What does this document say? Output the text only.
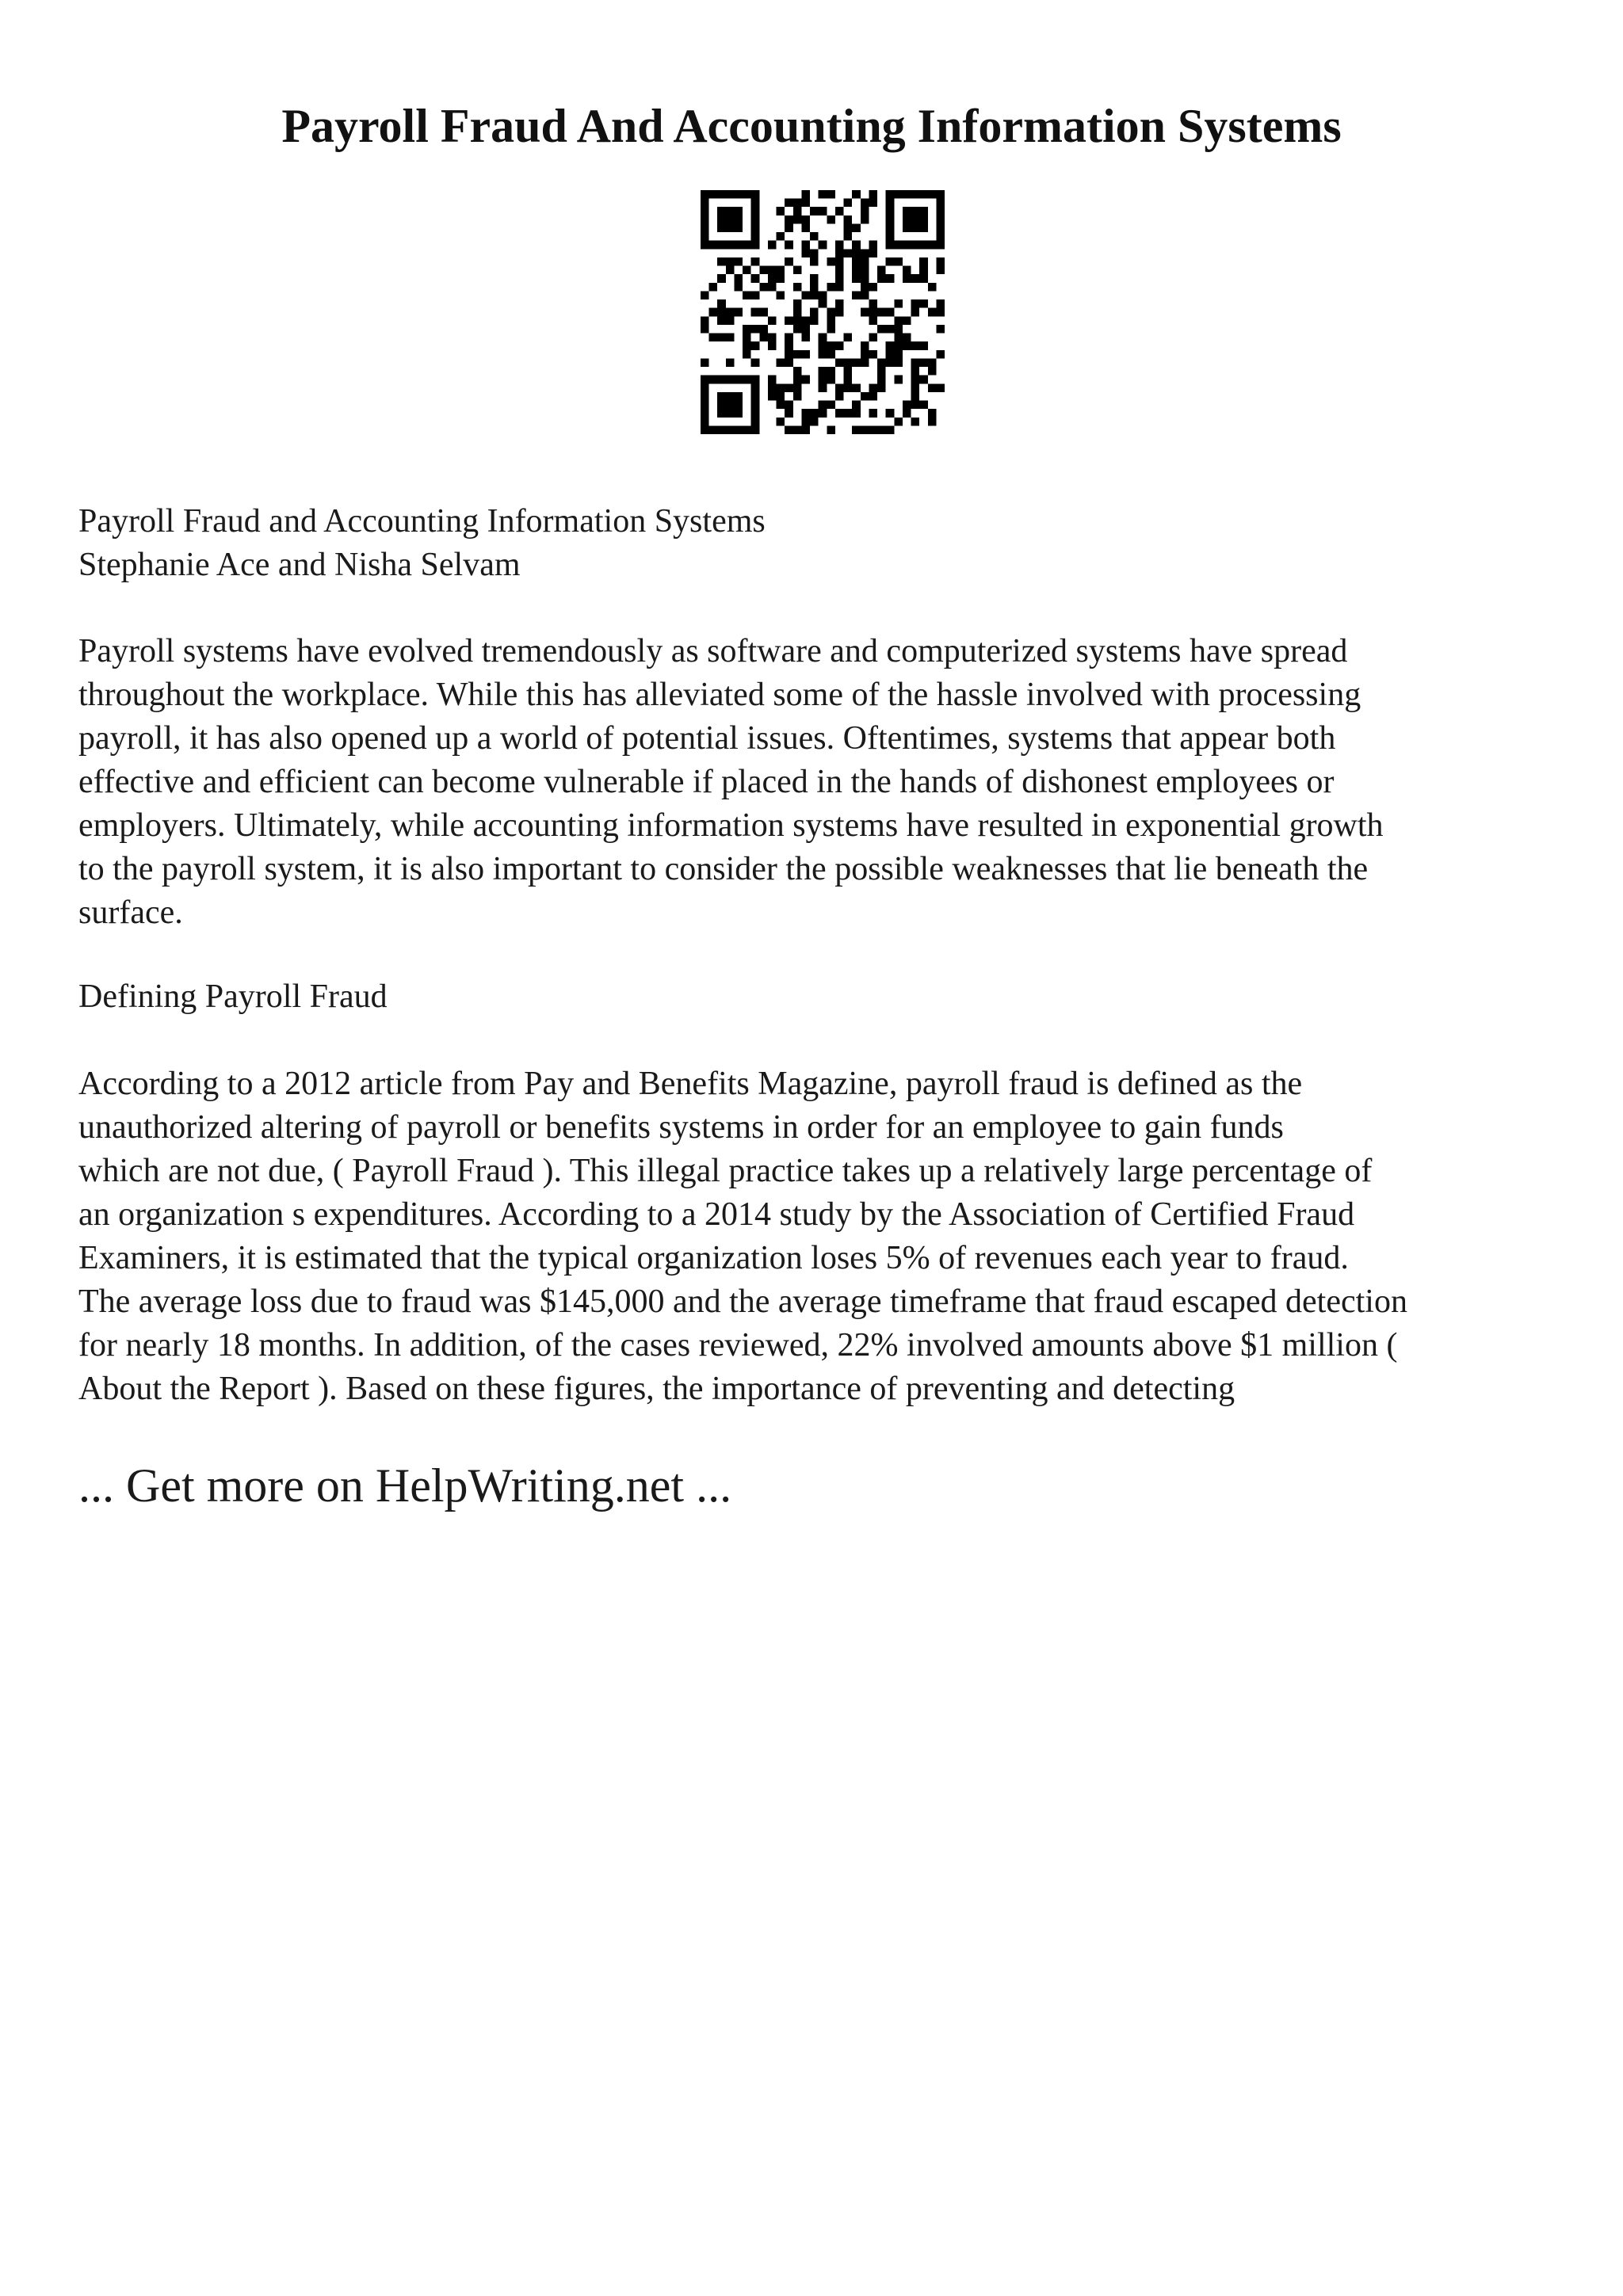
Payroll Fraud And Accounting Information Systems
Payroll Fraud and Accounting Information Systems
Stephanie Ace and Nisha Selvam
Payroll systems have evolved tremendously as software and computerized systems have spread
throughout the workplace. While this has alleviated some of the hassle involved with processing
payroll, it has also opened up a world of potential issues. Oftentimes, systems that appear both
effective and efficient can become vulnerable if placed in the hands of dishonest employees or
employers. Ultimately, while accounting information systems have resulted in exponential growth
to the payroll system, it is also important to consider the possible weaknesses that lie beneath the
surface.
Defining Payroll Fraud
According to a 2012 article from Pay and Benefits Magazine, payroll fraud is defined as the
unauthorized altering of payroll or benefits systems in order for an employee to gain funds
which are not due, ( Payroll Fraud ). This illegal practice takes up a relatively large percentage of
an organization s expenditures. According to a 2014 study by the Association of Certified Fraud
Examiners, it is estimated that the typical organization loses 5% of revenues each year to fraud.
The average loss due to fraud was $145,000 and the average timeframe that fraud escaped detection
for nearly 18 months. In addition, of the cases reviewed, 22% involved amounts above $1 million (
About the Report ). Based on these figures, the importance of preventing and detecting

... Get more on HelpWriting.net ...
